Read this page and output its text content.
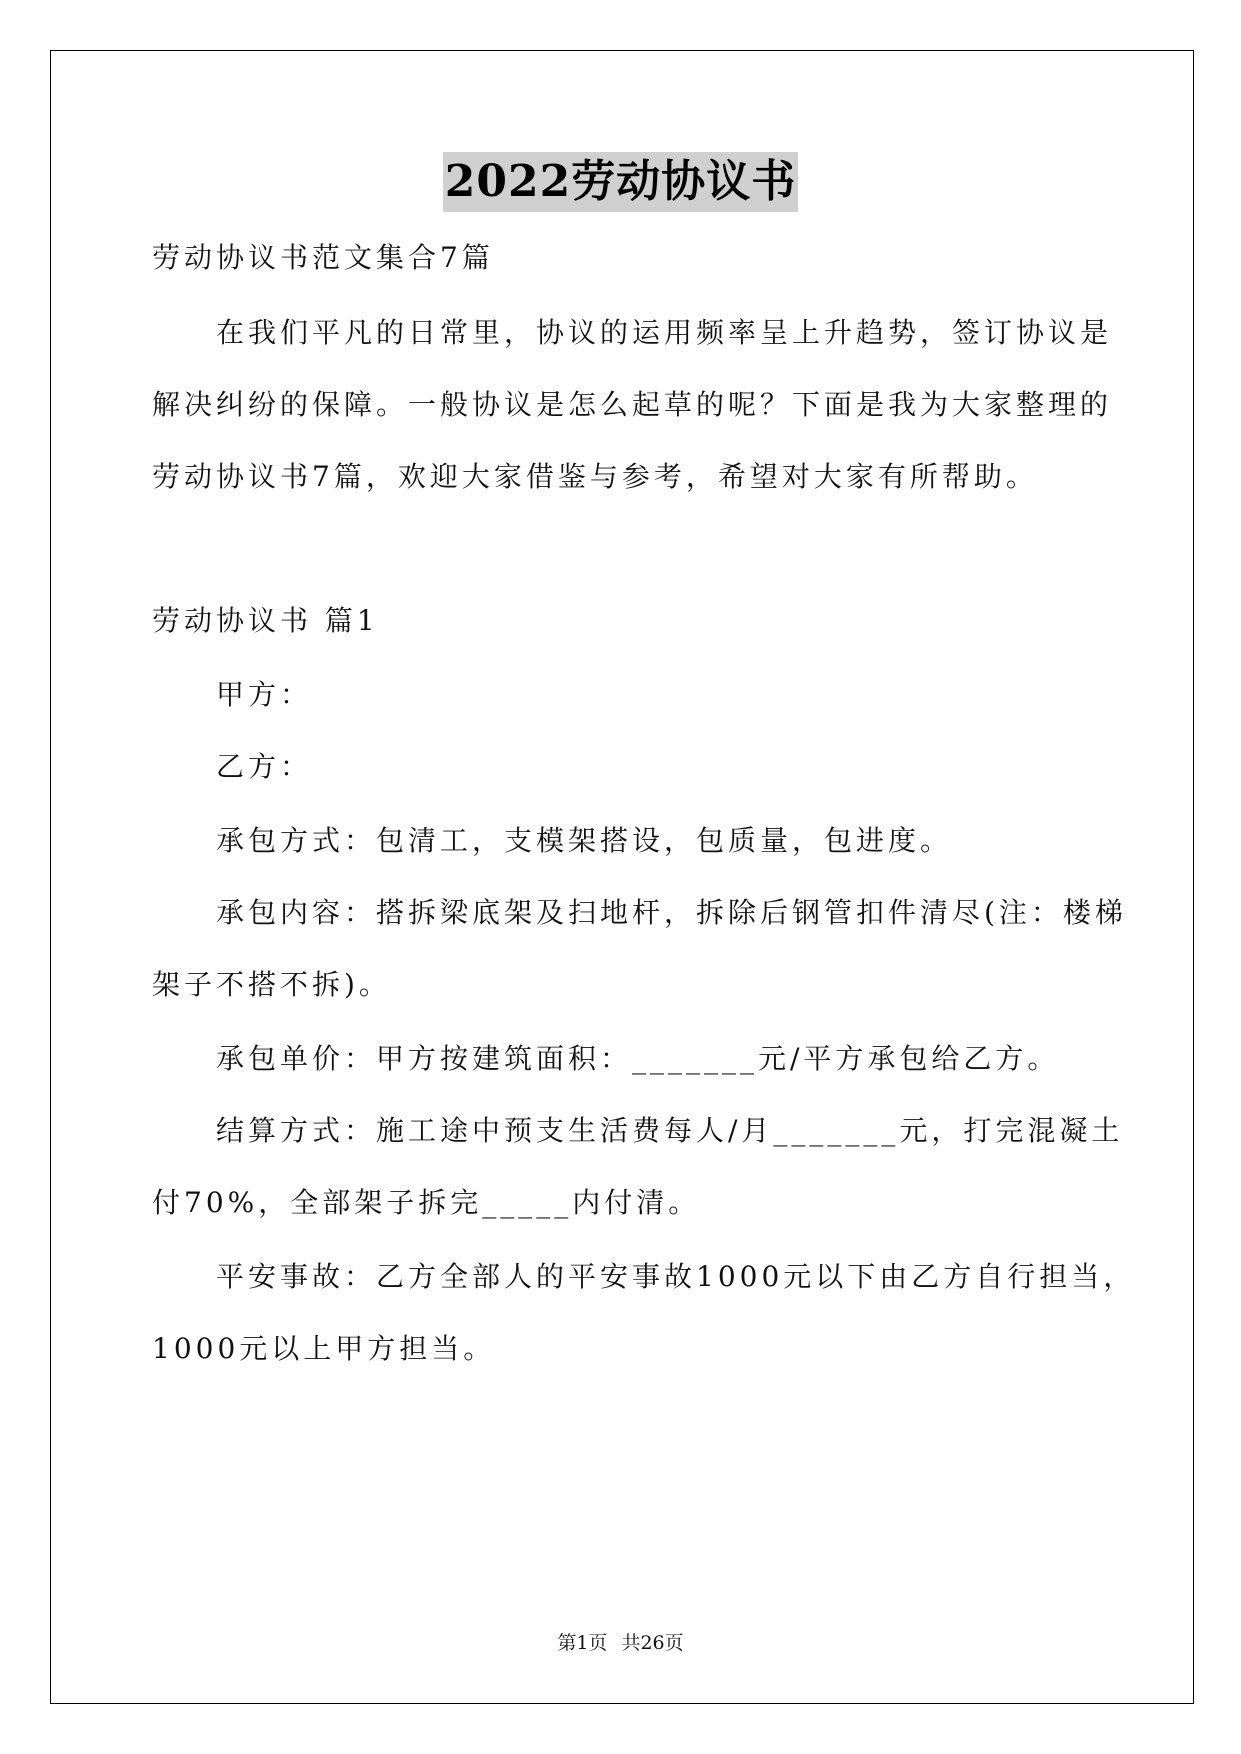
2022劳动协议书
劳动协议书范文集合7篇
在我们平凡的日常里，协议的运用频率呈上升趋势，签订协议是
解决纠纷的保障。一般协议是怎么起草的呢？下面是我为大家整理的
劳动协议书7篇，欢迎大家借鉴与参考，希望对大家有所帮助。
劳动协议书 篇1
甲方：
乙方：
承包方式：包清工，支模架搭设，包质量，包进度。
承包内容：搭拆梁底架及扫地杆，拆除后钢管扣件清尽(注：楼梯
架子不搭不拆)。
承包单价：甲方按建筑面积：_______元/平方承包给乙方。
结算方式：施工途中预支生活费每人/月_______元，打完混凝土
付70%，全部架子拆完_____内付清。
平安事故：乙方全部人的平安事故1000元以下由乙方自行担当，
1000元以上甲方担当。
第1页 共26页
